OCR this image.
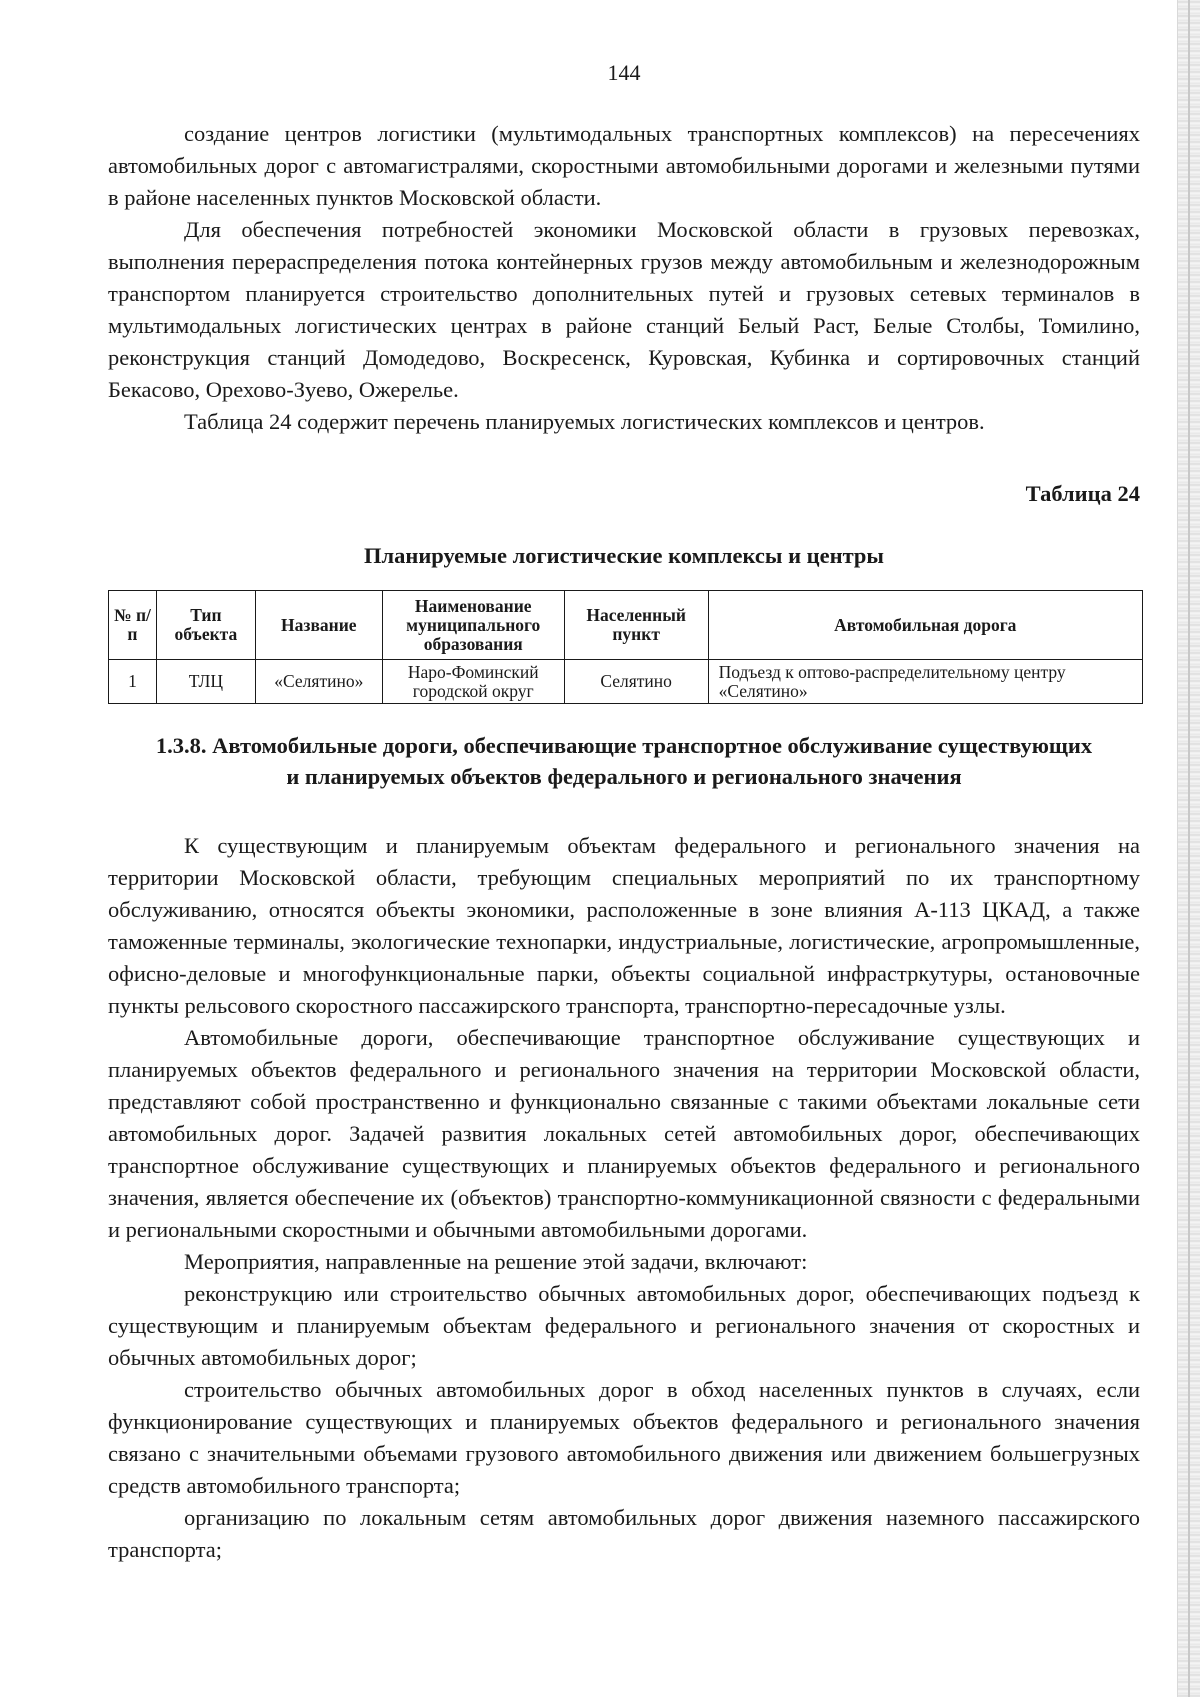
144

создание центров логистики (мультимодальных транспортных комплексов) на пересечениях автомобильных дорог с автомагистралями, скоростными автомобильными дорогами и железными путями в районе населенных пунктов Московской области.

Для обеспечения потребностей экономики Московской области в грузовых перевозках, выполнения перераспределения потока контейнерных грузов между автомобильным и железнодорожным транспортом планируется строительство дополнительных путей и грузовых сетевых терминалов в мультимодальных логистических центрах в районе станций Белый Раст, Белые Столбы, Томилино, реконструкция станций Домодедово, Воскресенск, Куровская, Кубинка и сортировочных станций Бекасово, Орехово-Зуево, Ожерелье.

Таблица 24 содержит перечень планируемых логистических комплексов и центров.

Таблица 24

Планируемые логистические комплексы и центры

№ п/п	Тип объекта	Название	Наименование муниципального образования	Населенный пункт	Автомобильная дорога
1	ТЛЦ	«Селятино»	Наро-Фоминский городской округ	Селятино	Подъезд к оптово-распределительному центру «Селятино»

1.3.8. Автомобильные дороги, обеспечивающие транспортное обслуживание существующих
и планируемых объектов федерального и регионального значения

К существующим и планируемым объектам федерального и регионального значения на территории Московской области, требующим специальных мероприятий по их транспортному обслуживанию, относятся объекты экономики, расположенные в зоне влияния А-113 ЦКАД, а также таможенные терминалы, экологические технопарки, индустриальные, логистические, агропромышленные, офисно-деловые и многофункциональные парки, объекты социальной инфрастркутуры, остановочные пункты рельсового скоростного пассажирского транспорта, транспортно-пересадочные узлы.

Автомобильные дороги, обеспечивающие транспортное обслуживание существующих и планируемых объектов федерального и регионального значения на территории Московской области, представляют собой пространственно и функционально связанные с такими объектами локальные сети автомобильных дорог. Задачей развития локальных сетей автомобильных дорог, обеспечивающих транспортное обслуживание существующих и планируемых объектов федерального и регионального значения, является обеспечение их (объектов) транспортно-коммуникационной связности с федеральными и региональными скоростными и обычными автомобильными дорогами.

Мероприятия, направленные на решение этой задачи, включают:

реконструкцию или строительство обычных автомобильных дорог, обеспечивающих подъезд к существующим и планируемым объектам федерального и регионального значения от скоростных и обычных автомобильных дорог;

строительство обычных автомобильных дорог в обход населенных пунктов в случаях, если функционирование существующих и планируемых объектов федерального и регионального значения связано с значительными объемами грузового автомобильного движения или движением большегрузных средств автомобильного транспорта;

организацию по локальным сетям автомобильных дорог движения наземного пассажирского транспорта;
